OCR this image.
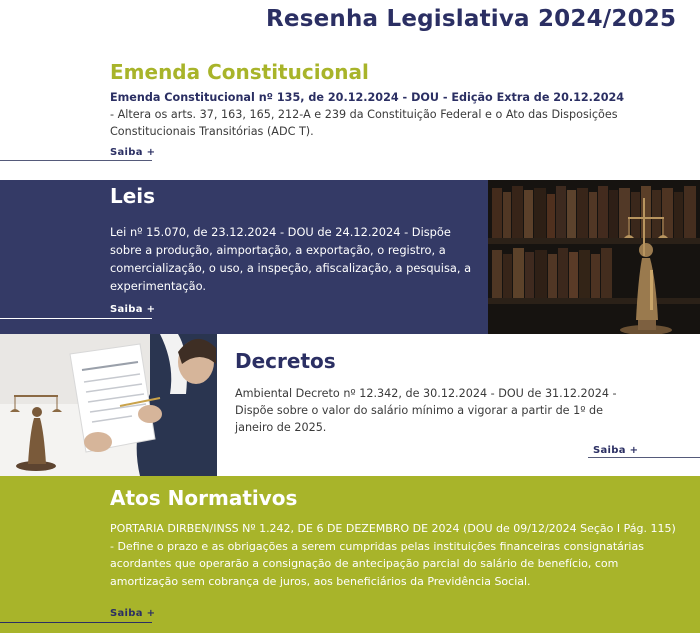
Resenha Legislativa 2024/2025
Emenda Constitucional
Emenda Constitucional nº 135, de 20.12.2024 - DOU - Edição Extra de 20.12.2024 - Altera os arts. 37, 163, 165, 212-A e 239 da Constituição Federal e o Ato das Disposições Constitucionais Transitórias (ADC T).
Saiba +
Leis
Lei nº 15.070, de 23.12.2024 - DOU de 24.12.2024 - Dispõe sobre a produção, aimportação, a exportação, o registro, a comercialização, o uso, a inspeção, afiscalização, a pesquisa, a experimentação.
Saiba +
Decretos
Ambiental Decreto nº 12.342, de 30.12.2024 - DOU de 31.12.2024 - Dispõe sobre o valor do salário mínimo a vigorar a partir de 1º de janeiro de 2025.
Saiba +
Atos Normativos
PORTARIA DIRBEN/INSS Nº 1.242, DE 6 DE DEZEMBRO DE 2024 (DOU de 09/12/2024 Seção I Pág. 115) - Define o prazo e as obrigações a serem cumpridas pelas instituições financeiras consignatárias acordantes que operarão a consignação de antecipação parcial do salário de benefício, com amortização sem cobrança de juros, aos beneficiários da Previdência Social.
Saiba +
